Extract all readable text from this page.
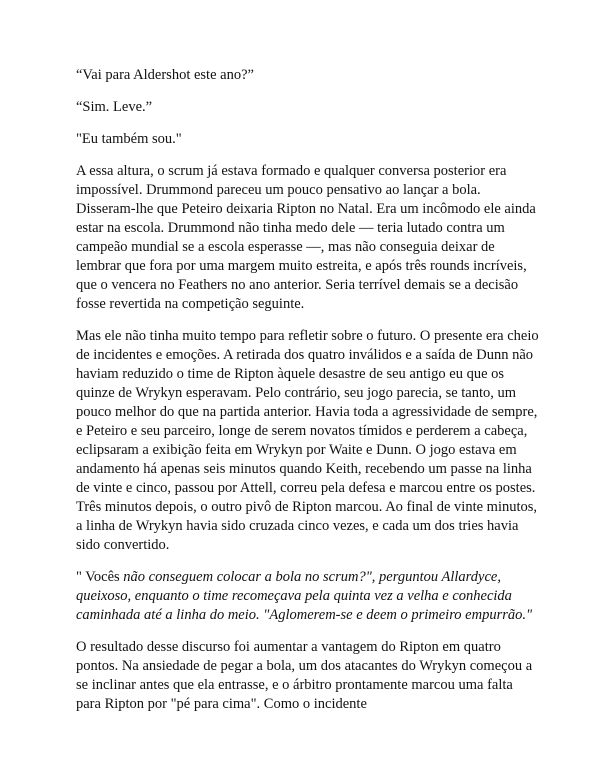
“Vai para Aldershot este ano?”

“Sim. Leve.”

"Eu também sou."

A essa altura, o scrum já estava formado e qualquer conversa posterior era impossível. Drummond pareceu um pouco pensativo ao lançar a bola. Disseram-lhe que Peteiro deixaria Ripton no Natal. Era um incômodo ele ainda estar na escola. Drummond não tinha medo dele — teria lutado contra um campeão mundial se a escola esperasse —, mas não conseguia deixar de lembrar que fora por uma margem muito estreita, e após três rounds incríveis, que o vencera no Feathers no ano anterior. Seria terrível demais se a decisão fosse revertida na competição seguinte.

Mas ele não tinha muito tempo para refletir sobre o futuro. O presente era cheio de incidentes e emoções. A retirada dos quatro inválidos e a saída de Dunn não haviam reduzido o time de Ripton àquele desastre de seu antigo eu que os quinze de Wrykyn esperavam. Pelo contrário, seu jogo parecia, se tanto, um pouco melhor do que na partida anterior. Havia toda a agressividade de sempre, e Peteiro e seu parceiro, longe de serem novatos tímidos e perderem a cabeça, eclipsaram a exibição feita em Wrykyn por Waite e Dunn. O jogo estava em andamento há apenas seis minutos quando Keith, recebendo um passe na linha de vinte e cinco, passou por Attell, correu pela defesa e marcou entre os postes. Três minutos depois, o outro pivô de Ripton marcou. Ao final de vinte minutos, a linha de Wrykyn havia sido cruzada cinco vezes, e cada um dos tries havia sido convertido.

" Vocês não conseguem colocar a bola no scrum?", perguntou Allardyce, queixoso, enquanto o time recomeçava pela quinta vez a velha e conhecida caminhada até a linha do meio. "Aglomerem-se e deem o primeiro empurrão."

O resultado desse discurso foi aumentar a vantagem do Ripton em quatro pontos. Na ansiedade de pegar a bola, um dos atacantes do Wrykyn começou a se inclinar antes que ela entrasse, e o árbitro prontamente marcou uma falta para Ripton por "pé para cima". Como o incidente
